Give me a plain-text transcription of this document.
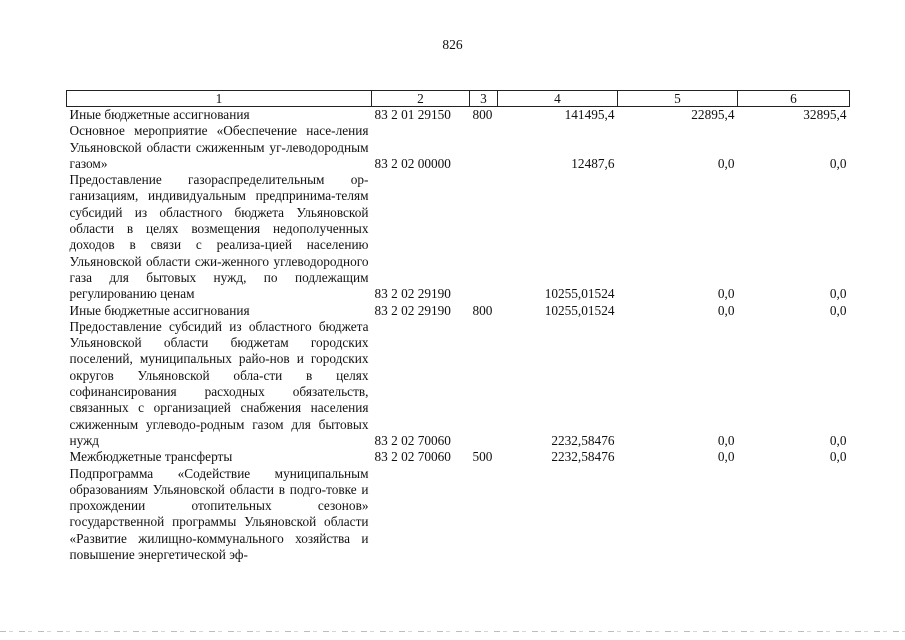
826
1	2	3	4	5	6
Иные бюджетные ассигнования	83 2 01 29150	800	141495,4	22895,4	32895,4
Основное мероприятие «Обеспечение насе-ления Ульяновской области сжиженным уг-леводородным газом»	83 2 02 00000		12487,6	0,0	0,0
Предоставление газораспределительным ор-ганизациям, индивидуальным предпринима-телям субсидий из областного бюджета Ульяновской области в целях возмещения недополученных доходов в связи с реализа-цией населению Ульяновской области сжи-женного углеводородного газа для бытовых нужд, по подлежащим регулированию ценам	83 2 02 29190		10255,01524	0,0	0,0
Иные бюджетные ассигнования	83 2 02 29190	800	10255,01524	0,0	0,0
Предоставление субсидий из областного бюджета Ульяновской области бюджетам городских поселений, муниципальных райо-нов и городских округов Ульяновской обла-сти в целях софинансирования расходных обязательств, связанных с организацией снабжения населения сжиженным углеводо-родным газом для бытовых нужд	83 2 02 70060		2232,58476	0,0	0,0
Межбюджетные трансферты	83 2 02 70060	500	2232,58476	0,0	0,0
Подпрограмма «Содействие муниципальным образованиям Ульяновской области в подго-товке и прохождении отопительных сезонов» государственной программы Ульяновской области «Развитие жилищно-коммунального хозяйства и повышение энергетической эф-					
